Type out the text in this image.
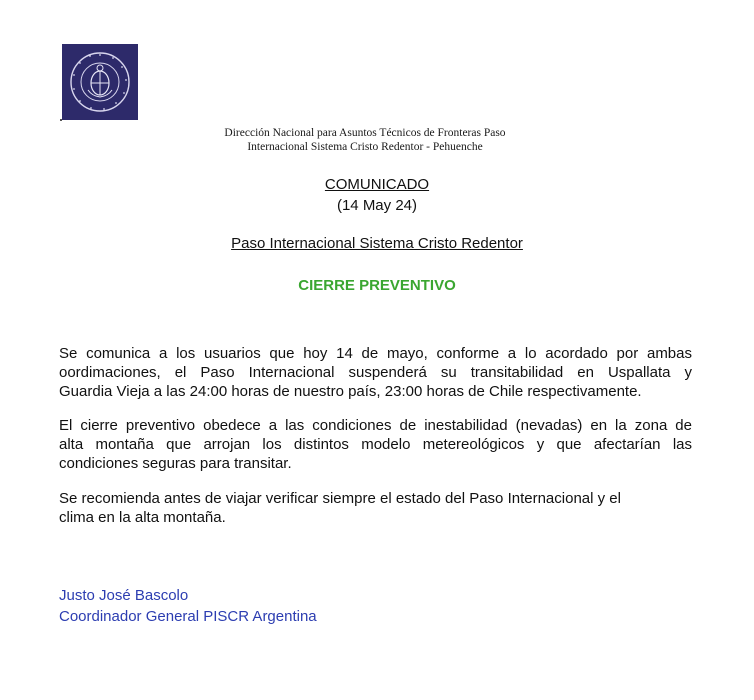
Dirección Nacional para Asuntos Técnicos de Fronteras Paso
Internacional Sistema Cristo Redentor - Pehuenche
COMUNICADO
(14 May 24)
Paso Internacional Sistema Cristo Redentor
CIERRE PREVENTIVO
Se comunica a los usuarios que hoy 14 de mayo, conforme a lo acordado por ambas
oordimaciones, el Paso Internacional suspenderá su transitabilidad en Uspallata y
Guardia Vieja a las 24:00 horas de nuestro país, 23:00 horas de Chile respectivamente.
El cierre preventivo obedece a las condiciones de inestabilidad (nevadas) en la zona de
alta montaña que arrojan los distintos modelo metereológicos y que afectarían las
condiciones seguras para transitar.
Se recomienda antes de viajar verificar siempre el estado del Paso Internacional y el
clima en la alta montaña.
Justo José Bascolo
Coordinador General PISCR Argentina
